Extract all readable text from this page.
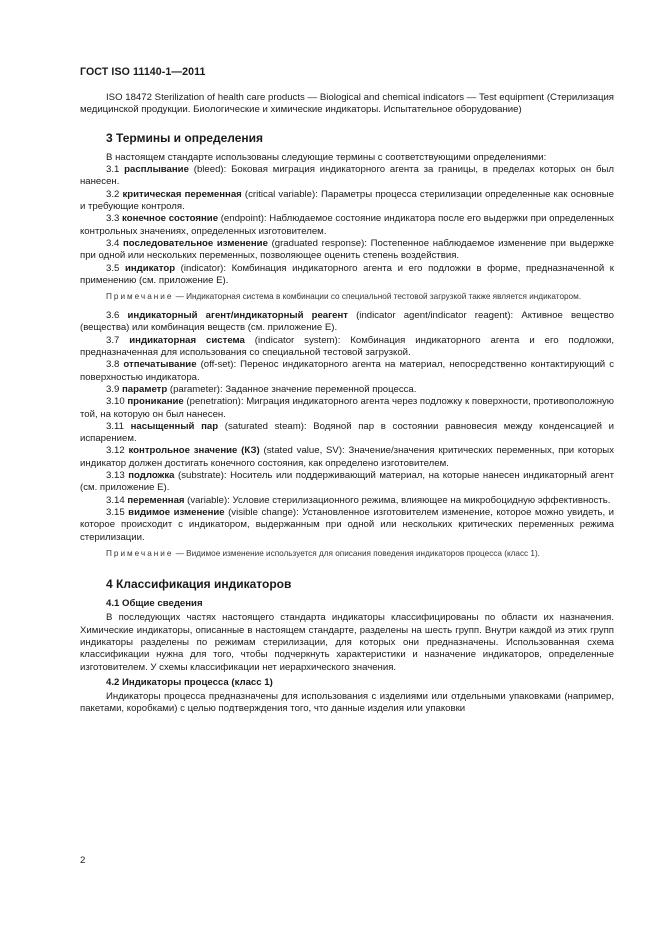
ГОСТ ISO 11140-1—2011

ISO 18472 Sterilization of health care products — Biological and chemical indicators — Test equipment (Стерилизация медицинской продукции. Биологические и химические индикаторы. Испытательное оборудование)

3 Термины и определения

В настоящем стандарте использованы следующие термины с соответствующими определениями:

3.1 расплывание (bleed): Боковая миграция индикаторного агента за границы, в пределах которых он был нанесен.

3.2 критическая переменная (critical variable): Параметры процесса стерилизации определенные как основные и требующие контроля.

3.3 конечное состояние (endpoint): Наблюдаемое состояние индикатора после его выдержки при определенных контрольных значениях, определенных изготовителем.

3.4 последовательное изменение (graduated response): Постепенное наблюдаемое изменение при выдержке при одной или нескольких переменных, позволяющее оценить степень воздействия.

3.5 индикатор (indicator): Комбинация индикаторного агента и его подложки в форме, предназначенной к применению (см. приложение Е).

Примечание — Индикаторная система в комбинации со специальной тестовой загрузкой также является индикатором.

3.6 индикаторный агент/индикаторный реагент (indicator agent/indicator reagent): Активное вещество (вещества) или комбинация веществ (см. приложение Е).

3.7 индикаторная система (indicator system): Комбинация индикаторного агента и его подложки, предназначенная для использования со специальной тестовой загрузкой.

3.8 отпечатывание (off-set): Перенос индикаторного агента на материал, непосредственно контактирующий с поверхностью индикатора.

3.9 параметр (parameter): Заданное значение переменной процесса.

3.10 проникание (penetration): Миграция индикаторного агента через подложку к поверхности, противоположную той, на которую он был нанесен.

3.11 насыщенный пар (saturated steam): Водяной пар в состоянии равновесия между конденсацией и испарением.

3.12 контрольное значение (КЗ) (stated value, SV): Значение/значения критических переменных, при которых индикатор должен достигать конечного состояния, как определено изготовителем.

3.13 подложка (substrate): Носитель или поддерживающий материал, на которые нанесен индикаторный агент (см. приложение Е).

3.14 переменная (variable): Условие стерилизационного режима, влияющее на микробоцидную эффективность.

3.15 видимое изменение (visible change): Установленное изготовителем изменение, которое можно увидеть, и которое происходит с индикатором, выдержанным при одной или нескольких критических переменных режима стерилизации.

Примечание — Видимое изменение используется для описания поведения индикаторов процесса (класс 1).

4 Классификация индикаторов
4.1 Общие сведения

В последующих частях настоящего стандарта индикаторы классифицированы по области их назначения. Химические индикаторы, описанные в настоящем стандарте, разделены на шесть групп. Внутри каждой из этих групп индикаторы разделены по режимам стерилизации, для которых они предназначены. Использованная схема классификации нужна для того, чтобы подчеркнуть характеристики и назначение индикаторов, определенные изготовителем. У схемы классификации нет иерархического значения.

4.2 Индикаторы процесса (класс 1)

Индикаторы процесса предназначены для использования с изделиями или отдельными упаковками (например, пакетами, коробками) с целью подтверждения того, что данные изделия или упаковки

2
